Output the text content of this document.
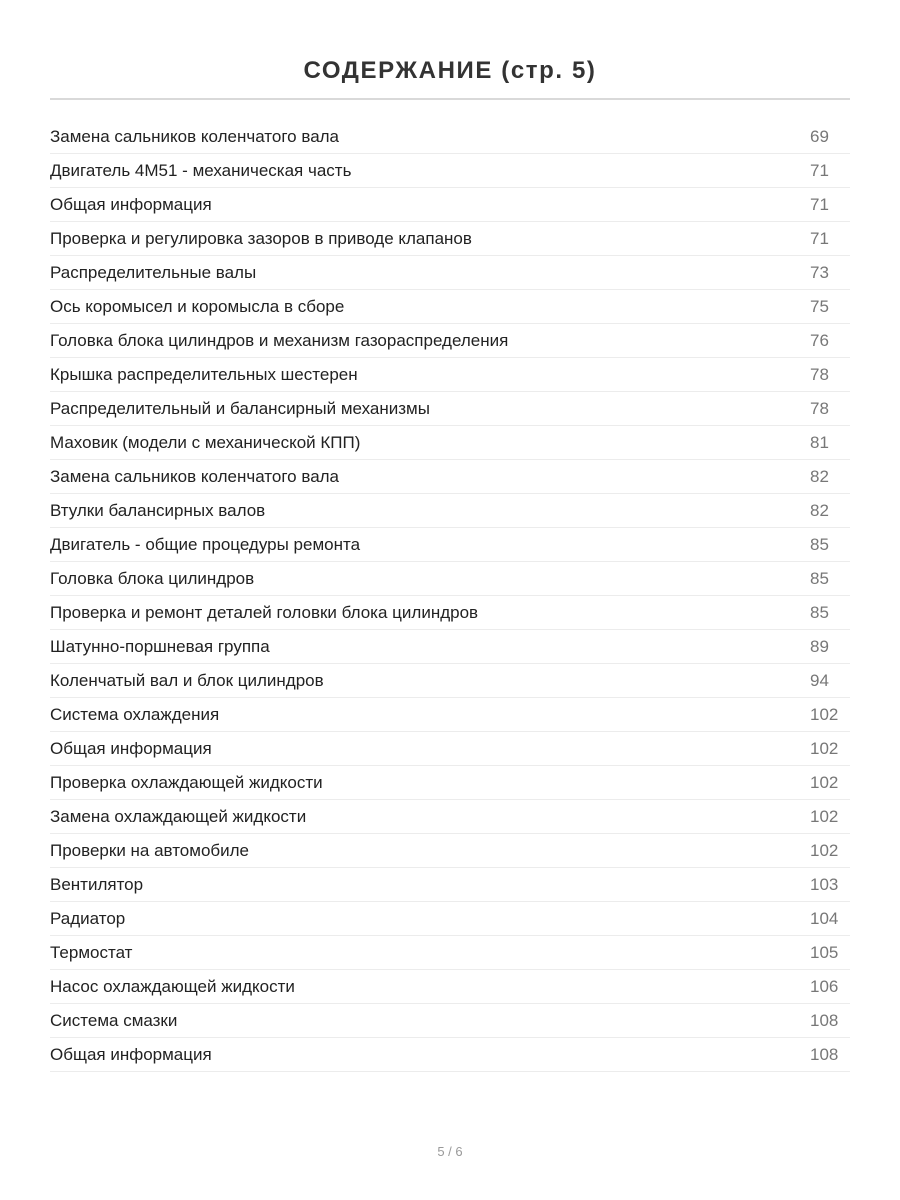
СОДЕРЖАНИЕ (стр. 5)
Замена сальников коленчатого вала	69
Двигатель 4М51 - механическая часть	71
Общая информация	71
Проверка и регулировка зазоров в приводе клапанов	71
Распределительные валы	73
Ось коромысел и коромысла в сборе	75
Головка блока цилиндров и механизм газораспределения	76
Крышка распределительных шестерен	78
Распределительный и балансирный механизмы	78
Маховик (модели с механической КПП)	81
Замена сальников коленчатого вала	82
Втулки балансирных валов	82
Двигатель - общие процедуры ремонта	85
Головка блока цилиндров	85
Проверка и ремонт деталей головки блока цилиндров	85
Шатунно-поршневая группа	89
Коленчатый вал и блок цилиндров	94
Система охлаждения	102
Общая информация	102
Проверка охлаждающей жидкости	102
Замена охлаждающей жидкости	102
Проверки на автомобиле	102
Вентилятор	103
Радиатор	104
Термостат	105
Насос охлаждающей жидкости	106
Система смазки	108
Общая информация	108
5 / 6
